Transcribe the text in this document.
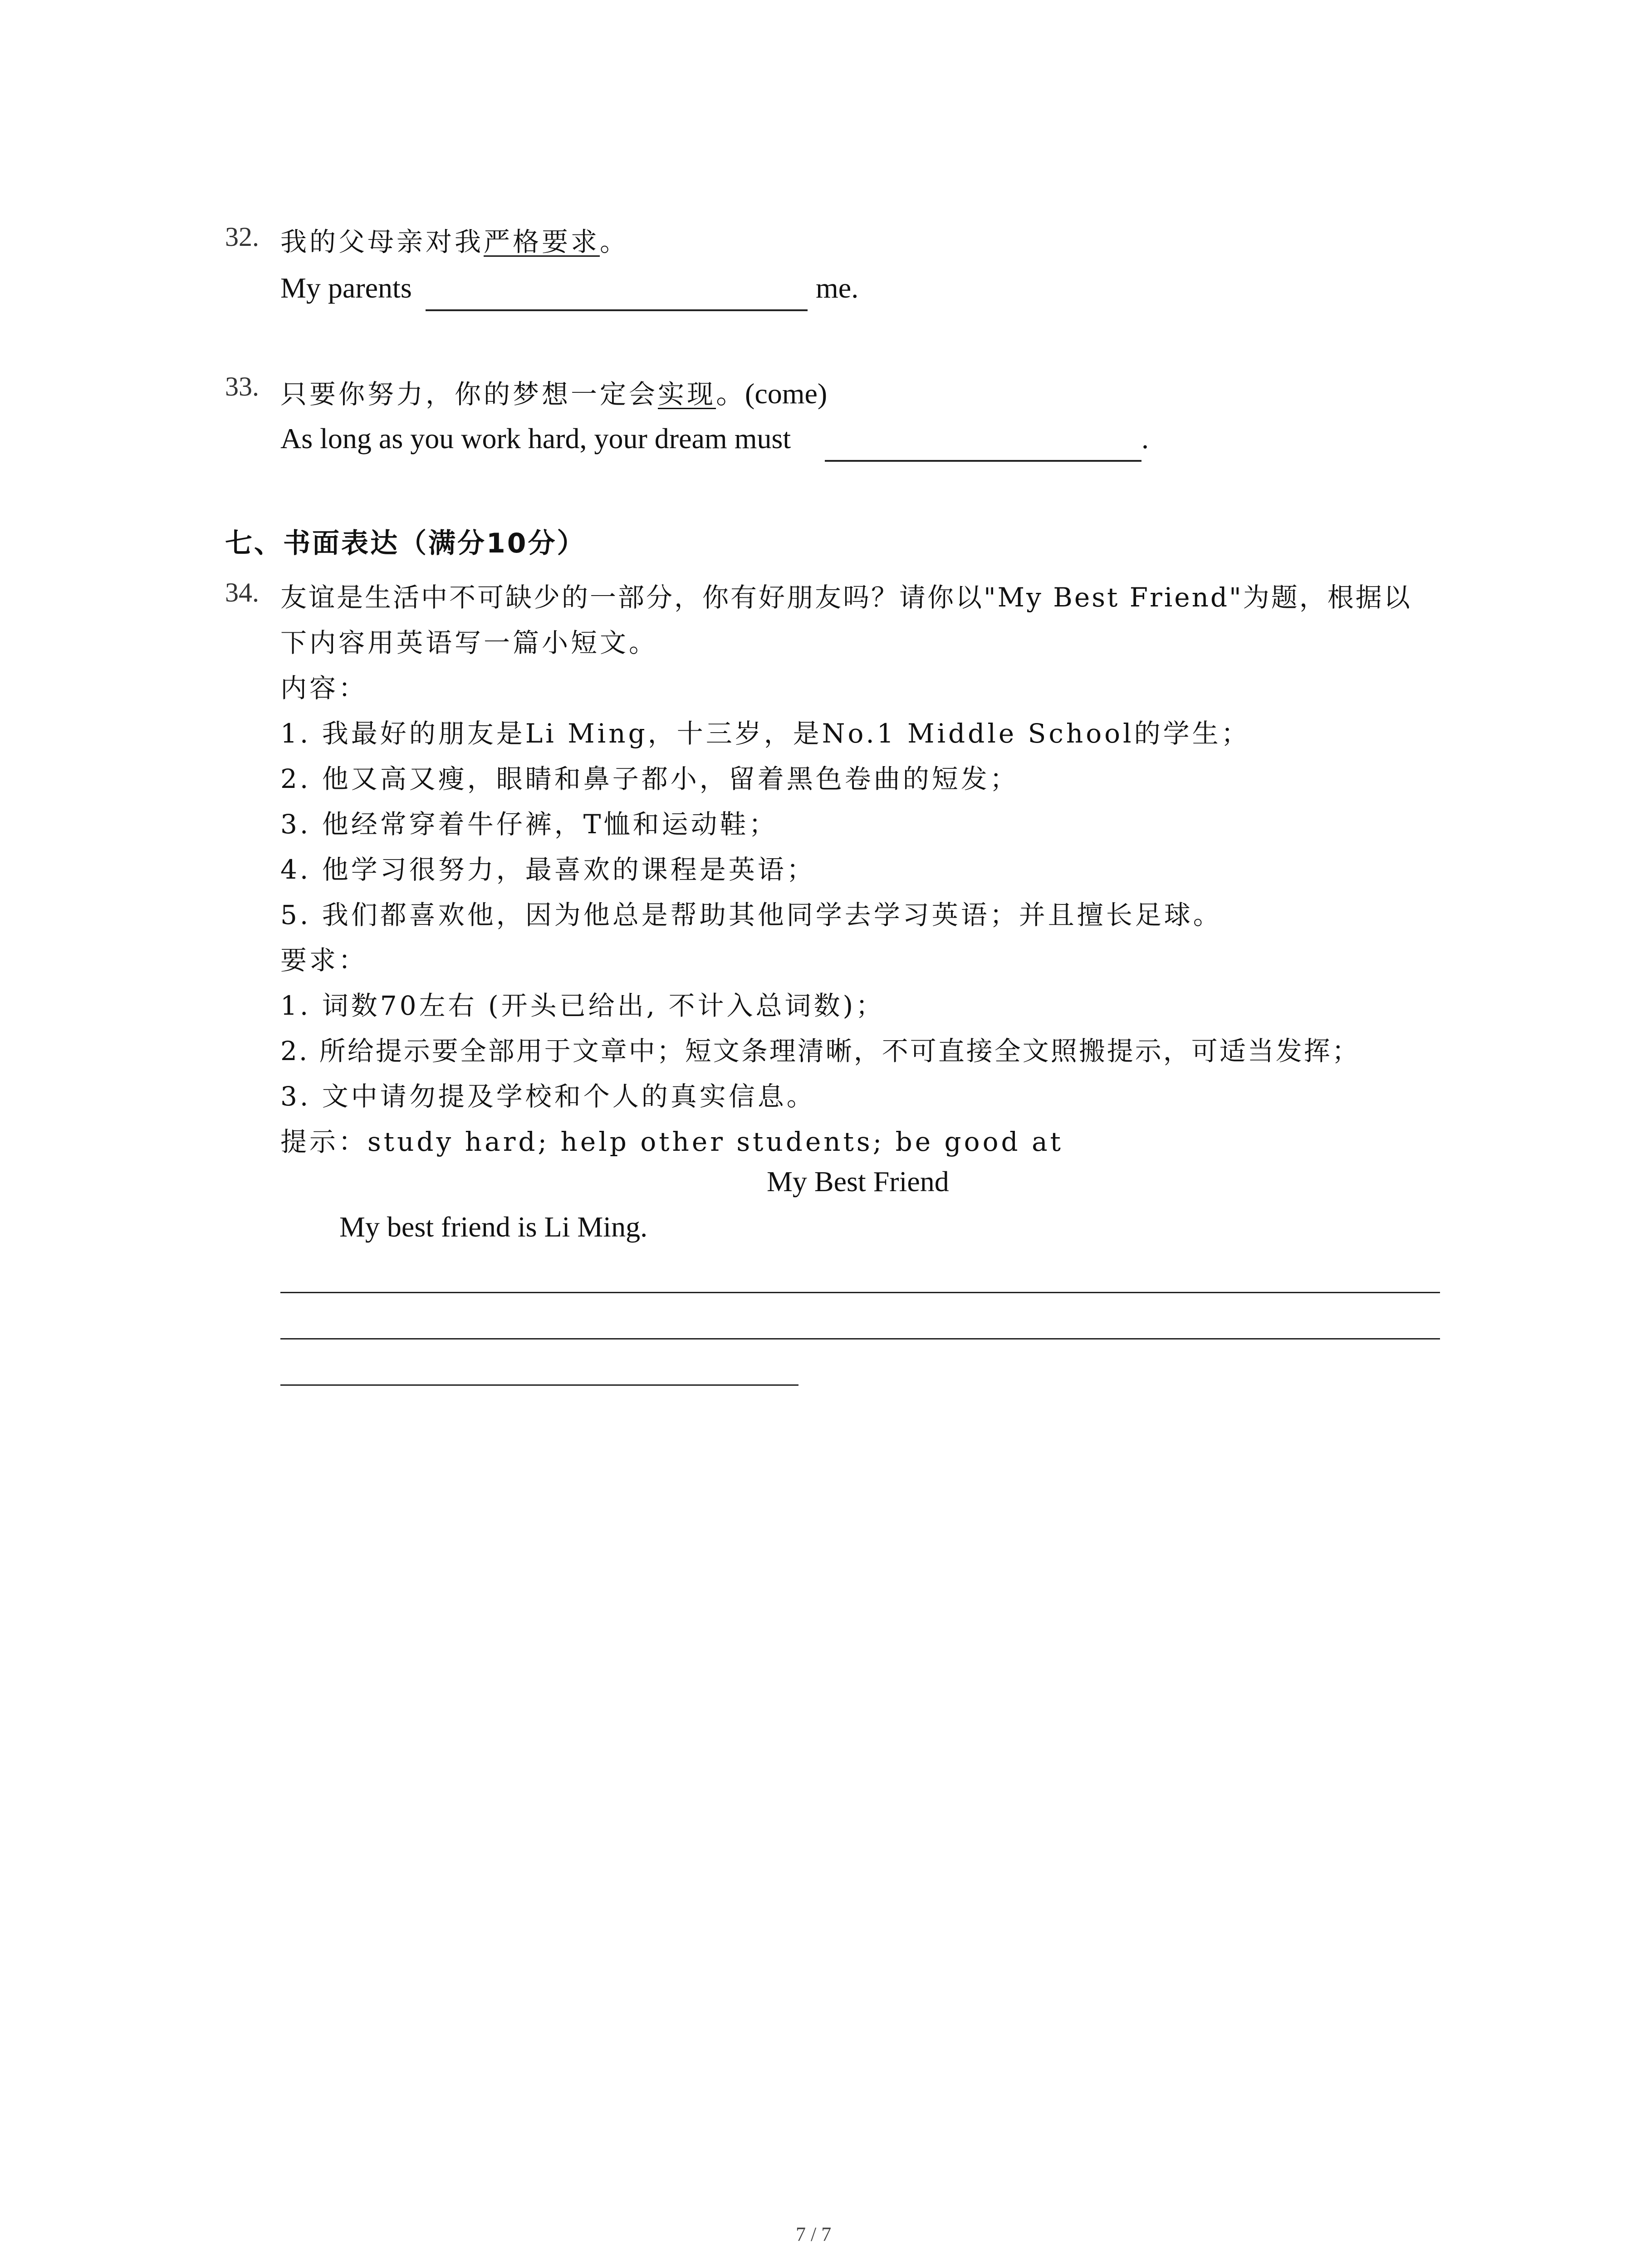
32. 我的父母亲对我严格要求。
My parents	me.
33. 只要你努力，你的梦想一定会实现。(come)
As long as you work hard, your dream must	.
七、书面表达（满分10分）
34. 友谊是生活中不可缺少的一部分，你有好朋友吗？请你以"My Best Friend"为题，根据以
下内容用英语写一篇小短文。
内容：
1. 我最好的朋友是Li Ming，十三岁，是No.1 Middle School的学生；
2. 他又高又瘦，眼睛和鼻子都小，留着黑色卷曲的短发；
3. 他经常穿着牛仔裤，T恤和运动鞋；
4. 他学习很努力，最喜欢的课程是英语；
5. 我们都喜欢他，因为他总是帮助其他同学去学习英语；并且擅长足球。
要求：
1. 词数70左右 (开头已给出, 不计入总词数)；
2. 所给提示要全部用于文章中；短文条理清晰，不可直接全文照搬提示，可适当发挥；
3. 文中请勿提及学校和个人的真实信息。
提示：study hard; help other students; be good at
My Best Friend
My best friend is Li Ming.
7 / 7
